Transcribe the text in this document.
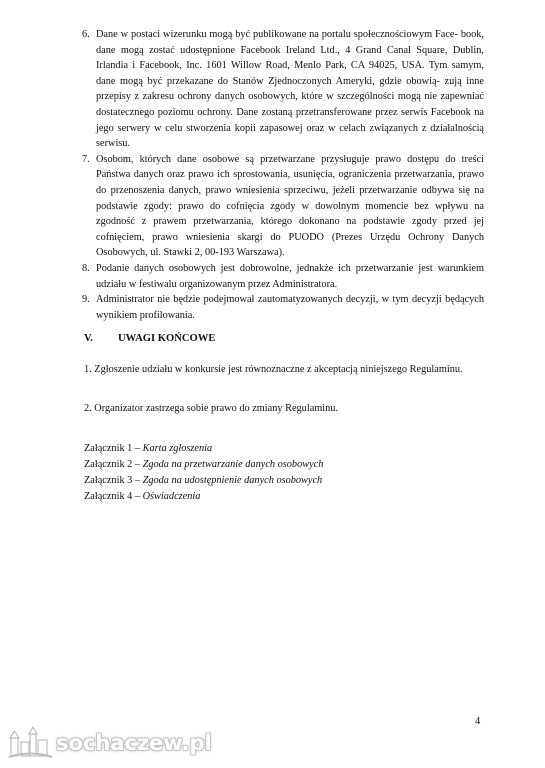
6. Dane w postaci wizerunku mogą być publikowane na portalu społecznościowym Face- book, dane mogą zostać udostępnione Facebook Ireland Ltd., 4 Grand Canal Square, Dublin, Irlandia i Facebook, Inc. 1601 Willow Road, Menlo Park, CA 94025, USA. Tym samym, dane mogą być przekazane do Stanów Zjednoczonych Ameryki, gdzie obowią- zują inne przepisy z zakresu ochrony danych osobowych, które w szczególności mogą nie zapewniać dostatecznego poziomu ochrony. Dane zostaną przetransferowane przez serwis Facebook na jego serwery w celu stworzenia kopii zapasowej oraz w celach związanych z działalnością serwisu.

7. Osobom, których dane osobowe są przetwarzane przysługuje prawo dostępu do treści Państwa danych oraz prawo ich sprostowania, usunięcia, ograniczenia przetwarzania, prawo do przenoszenia danych, prawo wniesienia sprzeciwu, jeżeli przetwarzanie odbywa się na podstawie zgody: prawo do cofnięcia zgody w dowolnym momencie bez wpływu na zgodność z prawem przetwarzania, którego dokonano na podstawie zgody przed jej cofnięciem, prawo wniesienia skargi do PUODO (Prezes Urzędu Ochrony Danych Osobowych, ul. Stawki 2, 00-193 Warszawa).

8. Podanie danych osobowych jest dobrowolne, jednakże ich przetwarzanie jest warunkiem udziału w festiwalu organizowanym przez Administratora.

9. Administrator nie będzie podejmował zautomatyzowanych decyzji, w tym decyzji będących wynikiem profilowania.

V. UWAGI KOŃCOWE

1. Zgłoszenie udziału w konkursie jest równoznaczne z akceptacją niniejszego Regulaminu.

2. Organizator zastrzega sobie prawo do zmiany Regulaminu.

Załącznik 1 – Karta zgłoszenia
Załącznik 2 – Zgoda na przetwarzanie danych osobowych
Załącznik 3 – Zgoda na udostępnienie danych osobowych
Załącznik 4 – Oświadczenia
4
sochaczew.pl
